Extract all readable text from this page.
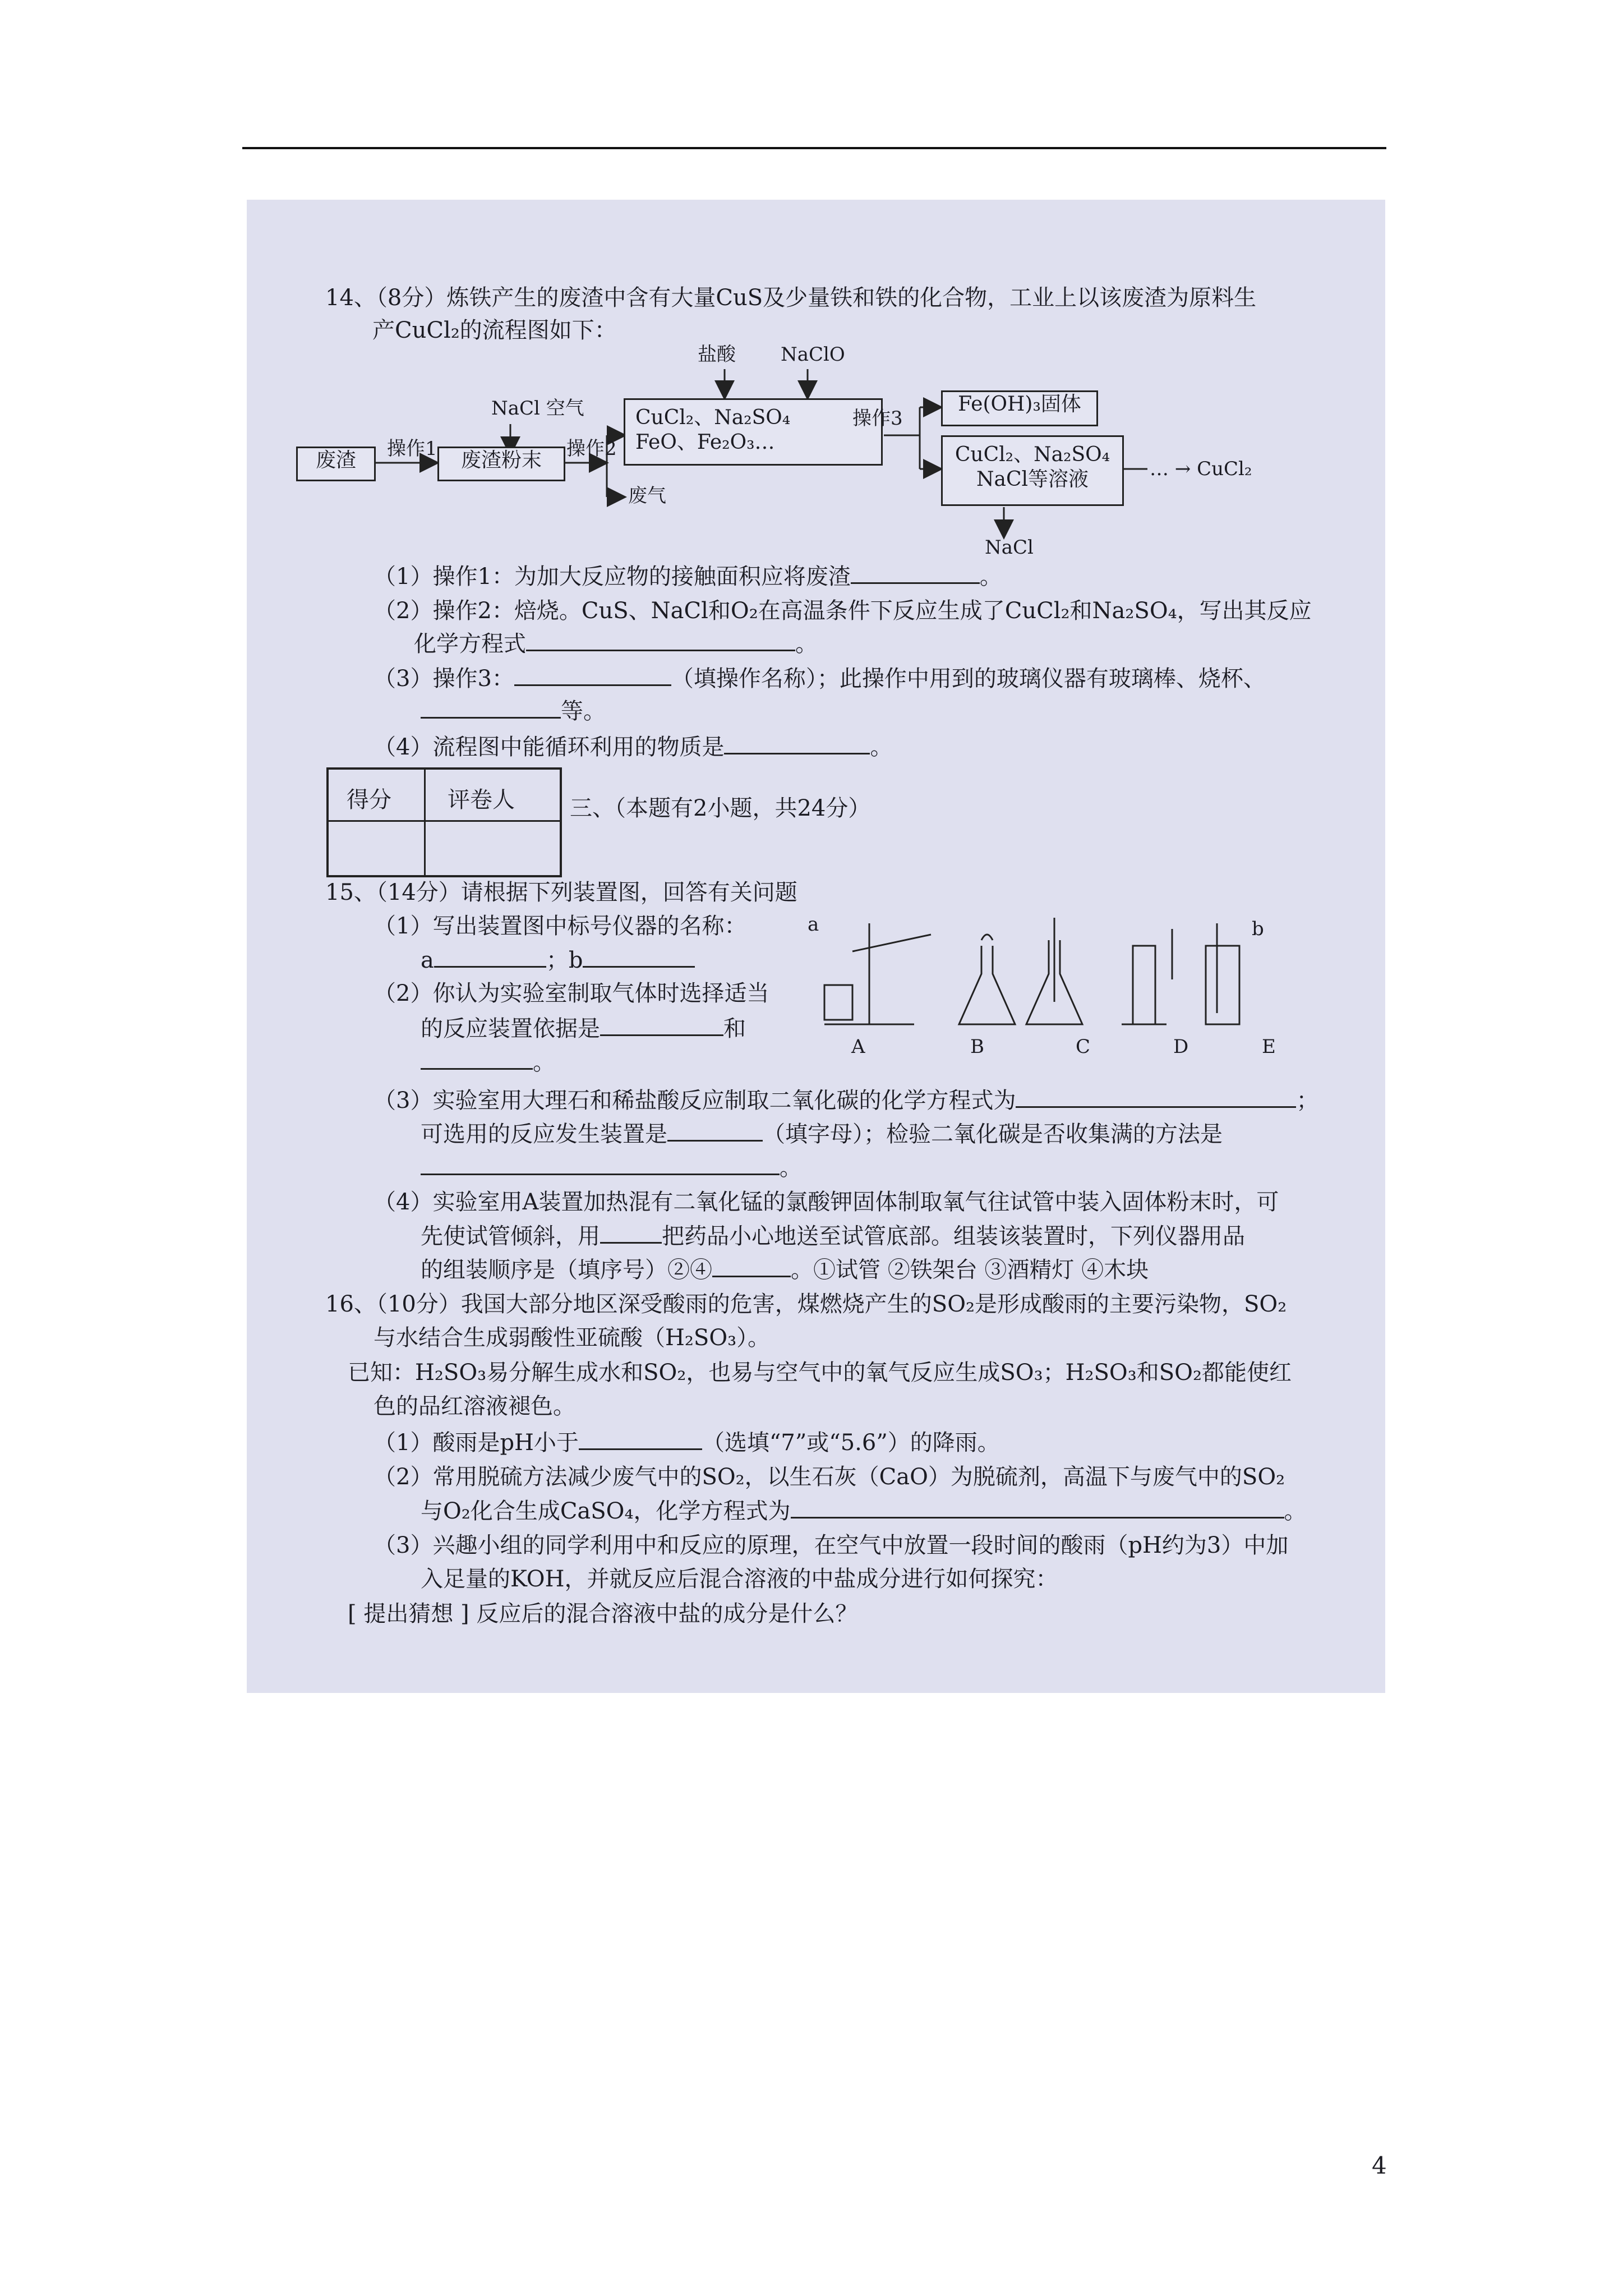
14、（8分）炼铁产生的废渣中含有大量CuS及少量铁和铁的化合物，工业上以该废渣为原料生
产CuCl₂的流程图如下：
废渣	操作1
NaCl 空气
废渣粉末	操作2
盐酸 NaClO
CuCl₂、Na₂SO₄
FeO、Fe₂O₃…
废气
操作3
Fe(OH)₃固体
CuCl₂、Na₂SO₄
NaCl等溶液	… → CuCl₂
NaCl
（1）操作1：为加大反应物的接触面积应将废渣	。
（2）操作2：焙烧。CuS、NaCl和O₂在高温条件下反应生成了CuCl₂和Na₂SO₄，写出其反应
化学方程式	。
（3）操作3：	（填操作名称）；此操作中用到的玻璃仪器有玻璃棒、烧杯、
等。
（4）流程图中能循环利用的物质是	。
得分	评卷人 三、（本题有2小题，共24分）
15、（14分）请根据下列装置图，回答有关问题
（1）写出装置图中标号仪器的名称：
a	；b
（2）你认为实验室制取气体时选择适当
的反应装置依据是	和
。
a	b
A	B	C	D	E
（3）实验室用大理石和稀盐酸反应制取二氧化碳的化学方程式为	；
可选用的反应发生装置是	（填字母）；检验二氧化碳是否收集满的方法是
。
（4）实验室用A装置加热混有二氧化锰的氯酸钾固体制取氧气往试管中装入固体粉末时，可
先使试管倾斜，用	把药品小心地送至试管底部。组装该装置时，下列仪器用品
的组装顺序是（填序号）②④	。①试管 ②铁架台 ③酒精灯 ④木块
16、（10分）我国大部分地区深受酸雨的危害，煤燃烧产生的SO₂是形成酸雨的主要污染物，SO₂
与水结合生成弱酸性亚硫酸（H₂SO₃）。
已知：H₂SO₃易分解生成水和SO₂，也易与空气中的氧气反应生成SO₃；H₂SO₃和SO₂都能使红
色的品红溶液褪色。
（1）酸雨是pH小于	（选填“7”或“5.6”）的降雨。
（2）常用脱硫方法减少废气中的SO₂，以生石灰（CaO）为脱硫剂，高温下与废气中的SO₂
与O₂化合生成CaSO₄，化学方程式为	。
（3）兴趣小组的同学利用中和反应的原理，在空气中放置一段时间的酸雨（pH约为3）中加
入足量的KOH，并就反应后混合溶液的中盐成分进行如何探究：
[ 提出猜想 ] 反应后的混合溶液中盐的成分是什么？
4
